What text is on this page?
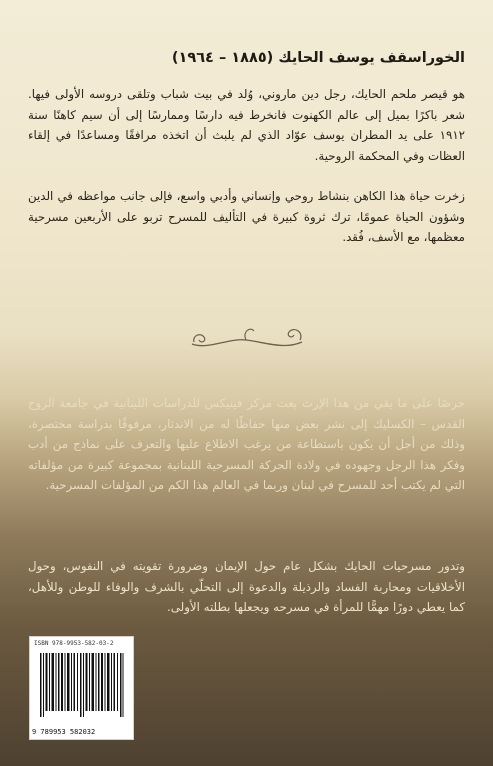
الخوراسقف يوسف الحايك (١٨٨٥ – ١٩٦٤)

هو قيصر ملحم الحايك، رجل دين ماروني، وُلد في بيت شباب وتلقى دروسه الأولى فيها. شعر باكرًا بميل إلى عالم الكهنوت فانخرط فيه دارسًا وممارسًا إلى أن سيم كاهنًا سنة ١٩١٢ على يد المطران يوسف عوّاد الذي لم يلبث أن اتخذه مرافقًا ومساعدًا في إلقاء العظات وفي المحكمة الروحية.

زخرت حياة هذا الكاهن بنشاط روحي وإنساني وأدبي واسع، فإلى جانب مواعظه في الدين وشؤون الحياة عمومًا، ترك ثروة كبيرة في التأليف للمسرح تربو على الأربعين مسرحية معظمها، مع الأسف، فُقد.

حرصًا على ما بقي من هذا الإرث بعث مركز فينيكس للدراسات اللبنانية في جامعة الروح القدس – الكسليك إلى نشر بعض منها حفاظًا له من الاندثار، مرفوقًا بدراسة مختصرة، وذلك من أجل أن يكون باستطاعة من يرغب الاطلاع عليها والتعرف على نماذج من أدب وفكر هذا الرجل وجهوده في ولادة الحركة المسرحية اللبنانية بمجموعة كبيرة من مؤلفاته التي لم يكتب أحد للمسرح في لبنان وربما في العالم هذا الكم من المؤلفات المسرحية.

وتدور مسرحيات الحايك بشكل عام حول الإيمان وضرورة تقويته في النفوس، وحول الأخلاقيات ومحاربة الفساد والرذيلة والدعوة إلى التحلّي بالشرف والوفاء للوطن وللأهل، كما يعطي دورًا مهمًّا للمرأة في مسرحه ويجعلها بطلته الأولى.

ISBN 978-9953-582-03-2
9 789953 582032
